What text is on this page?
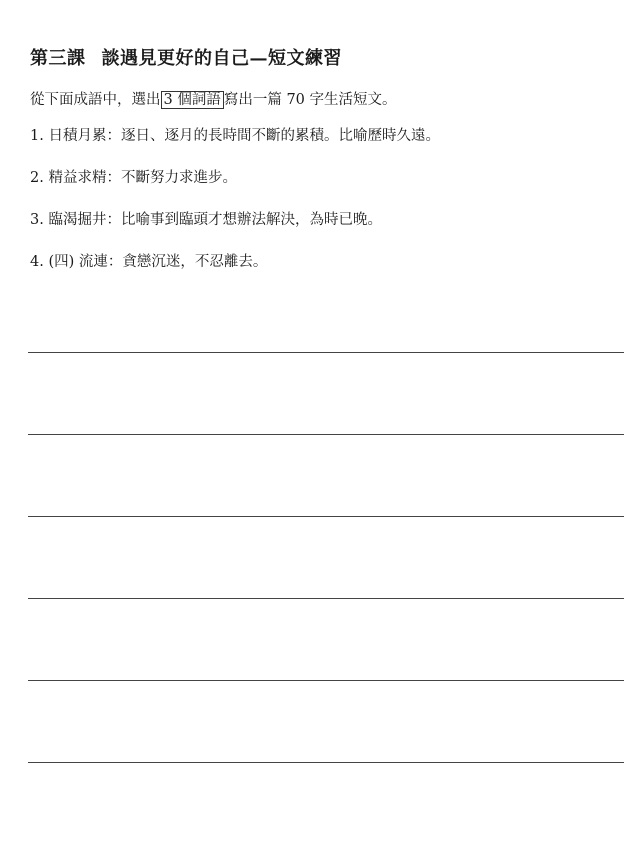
第三課 談遇見更好的自己—短文練習
從下面成語中，選出 3 個詞語 寫出一篇 70 字生活短文。
1. 日積月累：逐日、逐月的長時間不斷的累積。比喻歷時久遠。
2. 精益求精：不斷努力求進步。
3. 臨渴掘井：比喻事到臨頭才想辦法解決，為時已晚。
4. (四) 流連：貪戀沉迷，不忍離去。
